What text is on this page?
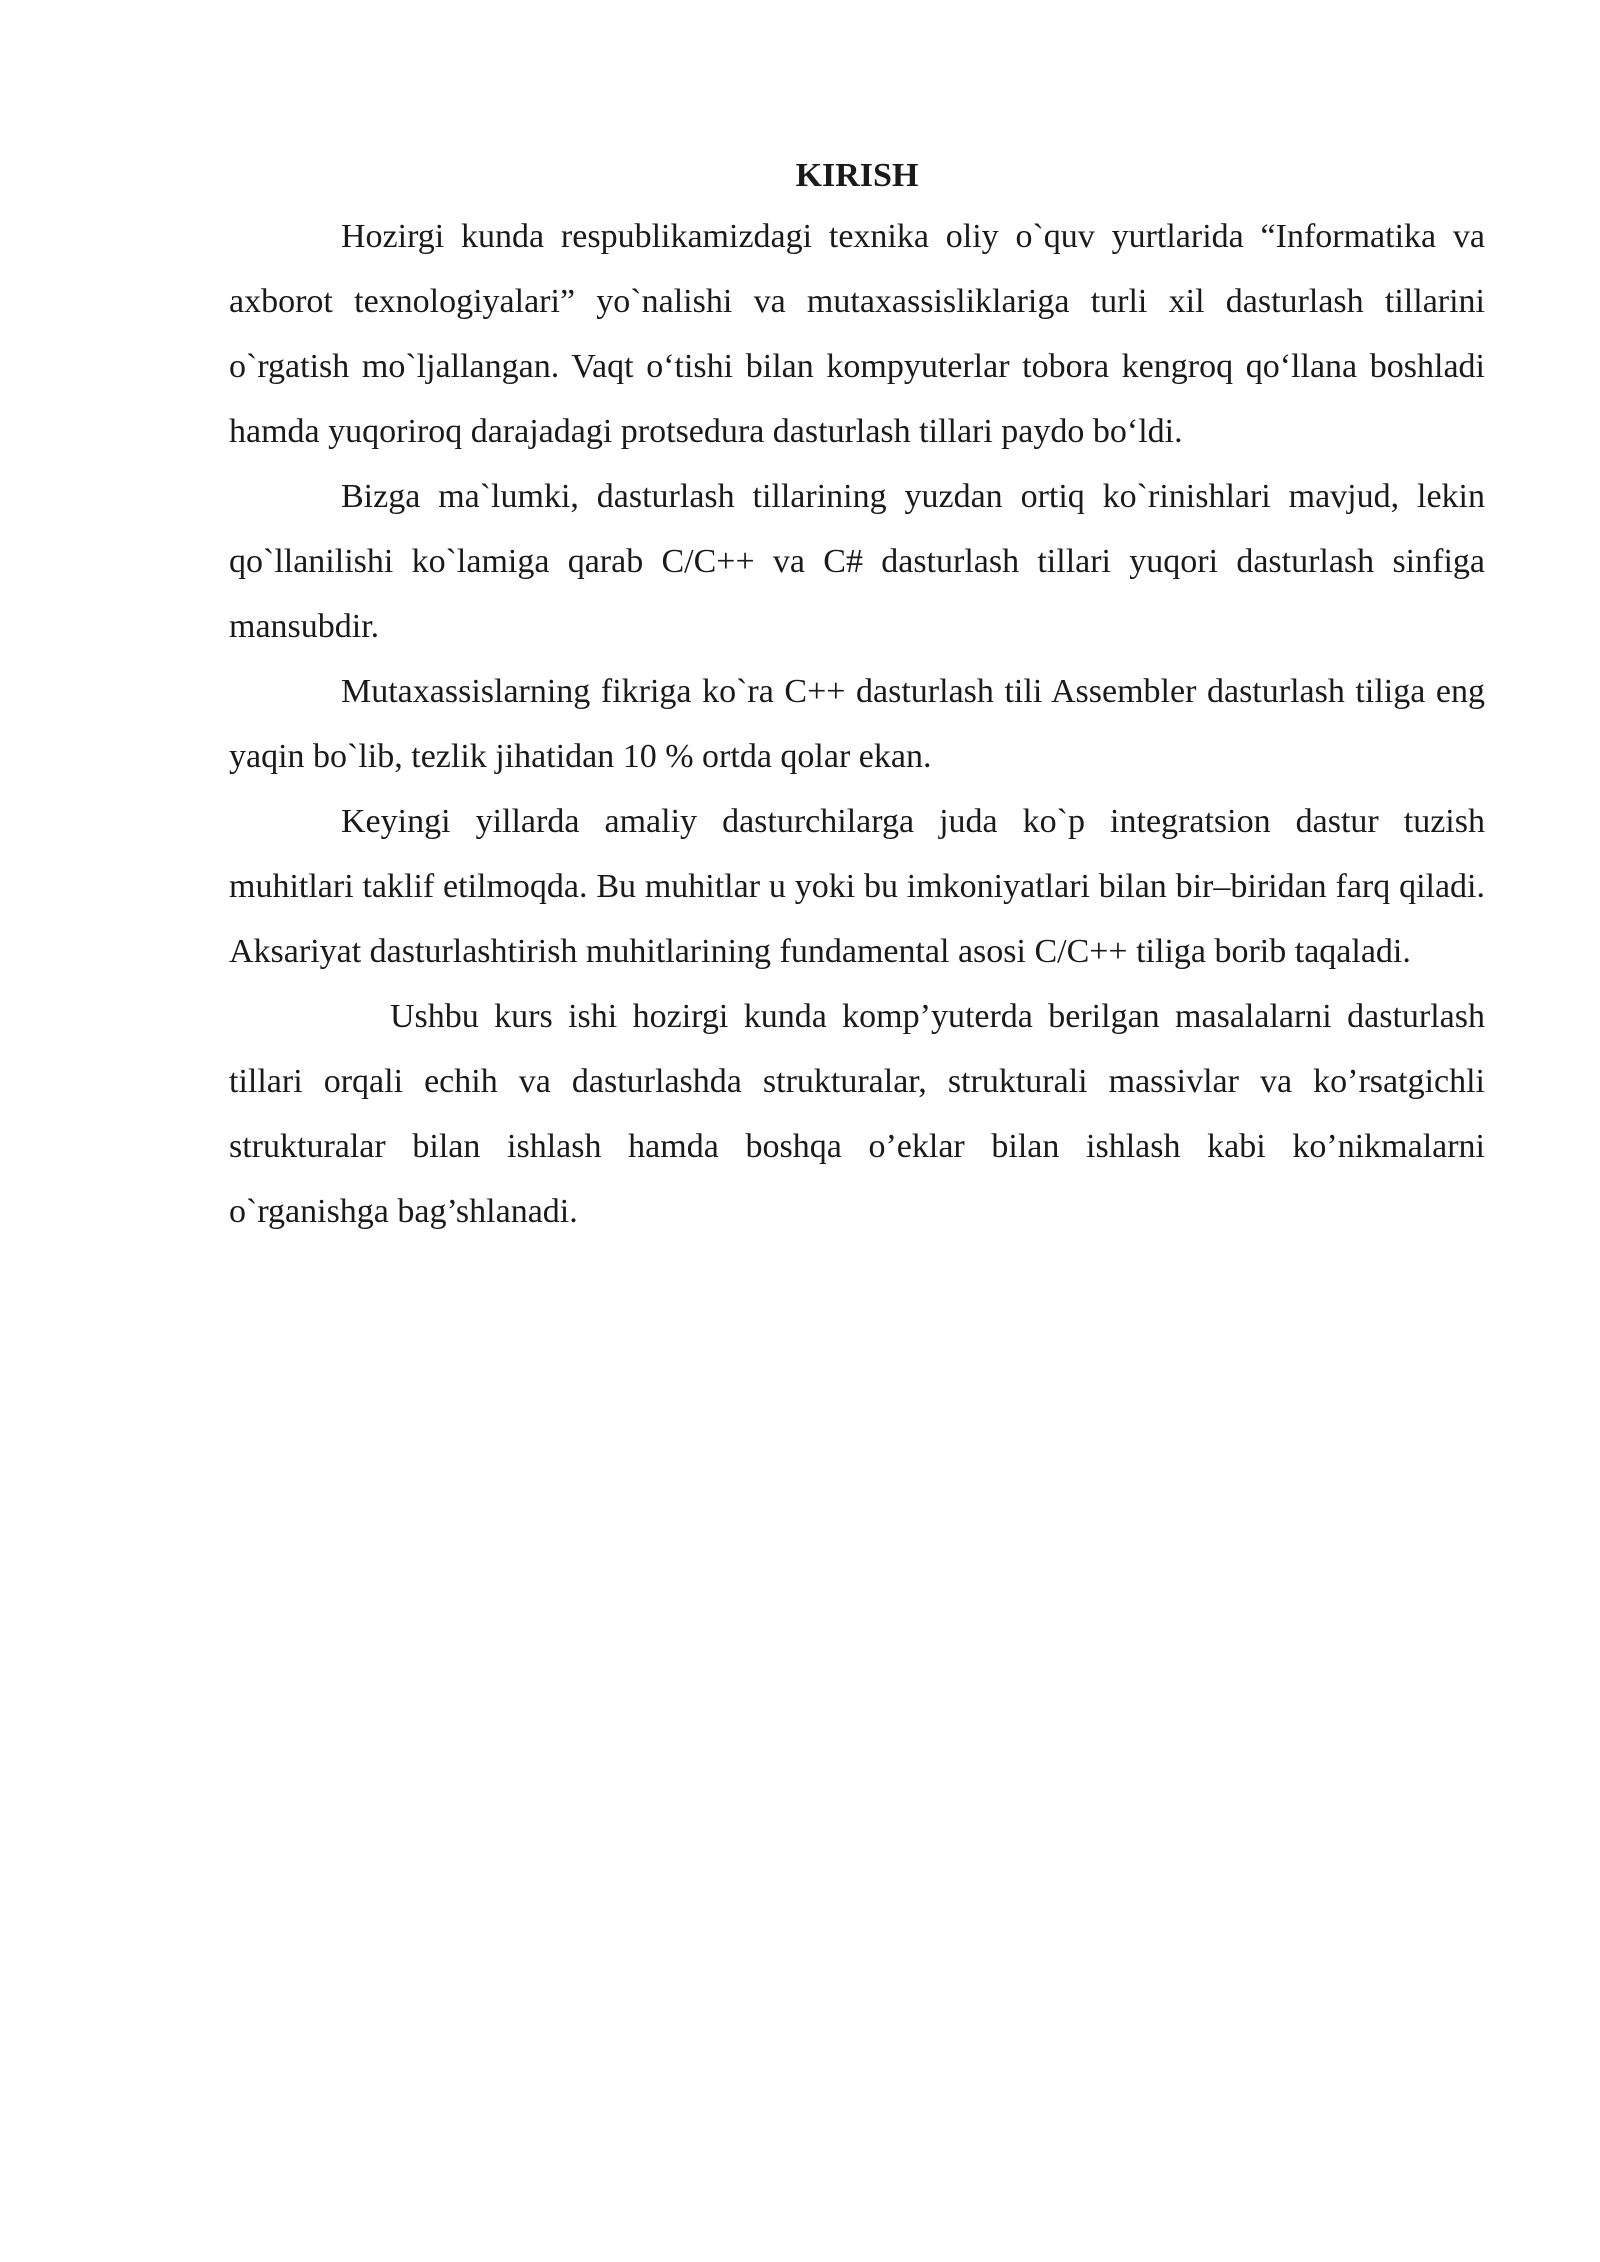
KIRISH

Hozirgi kunda respublikamizdagi texnika oliy o`quv yurtlarida “Informatika va axborot texnologiyalari” yo`nalishi va mutaxassisliklariga turli xil dasturlash tillarini o`rgatish mo`ljallangan. Vaqt o‘tishi bilan kompyuterlar tobora kengroq qo‘llana boshladi hamda yuqoriroq darajadagi protsedura dasturlash tillari paydo bo‘ldi.

Bizga ma`lumki, dasturlash tillarining yuzdan ortiq ko`rinishlari mavjud, lekin qo`llanilishi ko`lamiga qarab C/C++ va C# dasturlash tillari yuqori dasturlash sinfiga mansubdir.

Mutaxassislarning fikriga ko`ra C++ dasturlash tili Assembler dasturlash tiliga eng yaqin bo`lib, tezlik jihatidan 10 % ortda qolar ekan.

Keyingi yillarda amaliy dasturchilarga juda ko`p integratsion dastur tuzish muhitlari taklif etilmoqda. Bu muhitlar u yoki bu imkoniyatlari bilan bir–biridan farq qiladi. Aksariyat dasturlashtirish muhitlarining fundamental asosi C/C++ tiliga borib taqaladi.

Ushbu kurs ishi hozirgi kunda komp’yuterda berilgan masalalarni dasturlash tillari orqali echih va dasturlashda strukturalar, strukturali massivlar va ko’rsatgichli strukturalar bilan ishlash hamda boshqa o’eklar bilan ishlash kabi ko’nikmalarni o`rganishga bag’shlanadi.
